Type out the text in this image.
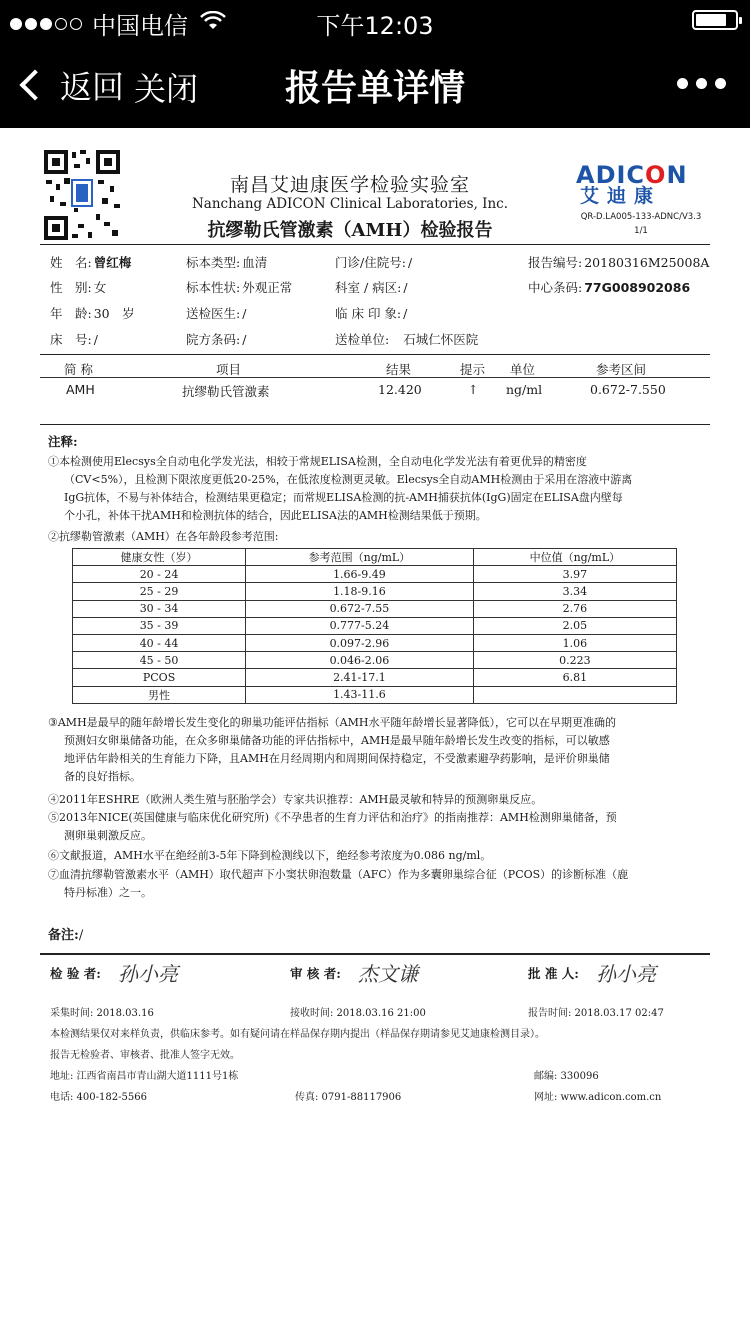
中国电信	下午12:03
返回 关闭	报告单详情
南昌艾迪康医学检验实验室
Nanchang ADICON Clinical Laboratories, Inc.
抗缪勒氏管激素（AMH）检验报告
ADICON
艾迪康
QR-D.LA005-133-ADNC/V3.3
1/1
姓　名: 曾红梅
性　别: 女
年　龄: 30　岁
床　号: /
标本类型: 血清
标本性状: 外观正常
送检医生: /
院方条码: /
门诊/住院号: /
科室 / 病区: /
临 床 印 象: /
送检单位: 石城仁怀医院
报告编号: 20180316M25008A
中心条码: 77G008902086
简 称	项目	结果	提示 单位	参考区间
AMH	抗缪勒氏管激素	12.420	↑ ng/ml	0.672-7.550
注释:
①本检测使用Elecsys全自动电化学发光法，相较于常规ELISA检测，全自动电化学发光法有着更优异的精密度
（CV<5%），且检测下限浓度更低20-25%，在低浓度检测更灵敏。Elecsys全自动AMH检测由于采用在溶液中游离
IgG抗体，不易与补体结合，检测结果更稳定；而常规ELISA检测的抗-AMH捕获抗体(IgG)固定在ELISA盘内壁每
个小孔，补体干扰AMH和检测抗体的结合，因此ELISA法的AMH检测结果低于预期。
②抗缪勒管激素（AMH）在各年龄段参考范围:
健康女性（岁）	参考范围（ng/mL）	中位值（ng/mL）
20 - 24	1.66-9.49	3.97
25 - 29	1.18-9.16	3.34
30 - 34	0.672-7.55	2.76
35 - 39	0.777-5.24	2.05
40 - 44	0.097-2.96	1.06
45 - 50	0.046-2.06	0.223
PCOS	2.41-17.1	6.81
男性	1.43-11.6	
③AMH是最早的随年龄增长发生变化的卵巢功能评估指标（AMH水平随年龄增长显著降低），它可以在早期更准确的
预测妇女卵巢储备功能，在众多卵巢储备功能的评估指标中，AMH是最早随年龄增长发生改变的指标，可以敏感
地评估年龄相关的生育能力下降，且AMH在月经周期内和周期间保持稳定，不受激素避孕药影响，是评价卵巢储
备的良好指标。
④2011年ESHRE（欧洲人类生殖与胚胎学会）专家共识推荐：AMH最灵敏和特异的预测卵巢反应。
⑤2013年NICE(英国健康与临床优化研究所)《不孕患者的生育力评估和治疗》的指南推荐：AMH检测卵巢储备，预
测卵巢刺激反应。
⑥文献报道，AMH水平在绝经前3-5年下降到检测线以下，绝经参考浓度为0.086 ng/ml。
⑦血清抗缪勒管激素水平（AMH）取代超声下小窦状卵泡数量（AFC）作为多囊卵巢综合征（PCOS）的诊断标准（鹿
特丹标准）之一。
备注:/
检 验 者: 孙小亮	审 核 者: 杰文谦	批 准 人: 孙小亮
采集时间: 2018.03.16	接收时间: 2018.03.16 21:00	报告时间: 2018.03.17 02:47
本检测结果仅对来样负责，供临床参考。如有疑问请在样品保存期内提出（样品保存期请参见艾迪康检测目录）。
报告无检验者、审核者、批准人签字无效。
地址: 江西省南昌市青山湖大道1111号1栋	邮编: 330096
电话: 400-182-5566	传真: 0791-88117906	网址: www.adicon.com.cn
